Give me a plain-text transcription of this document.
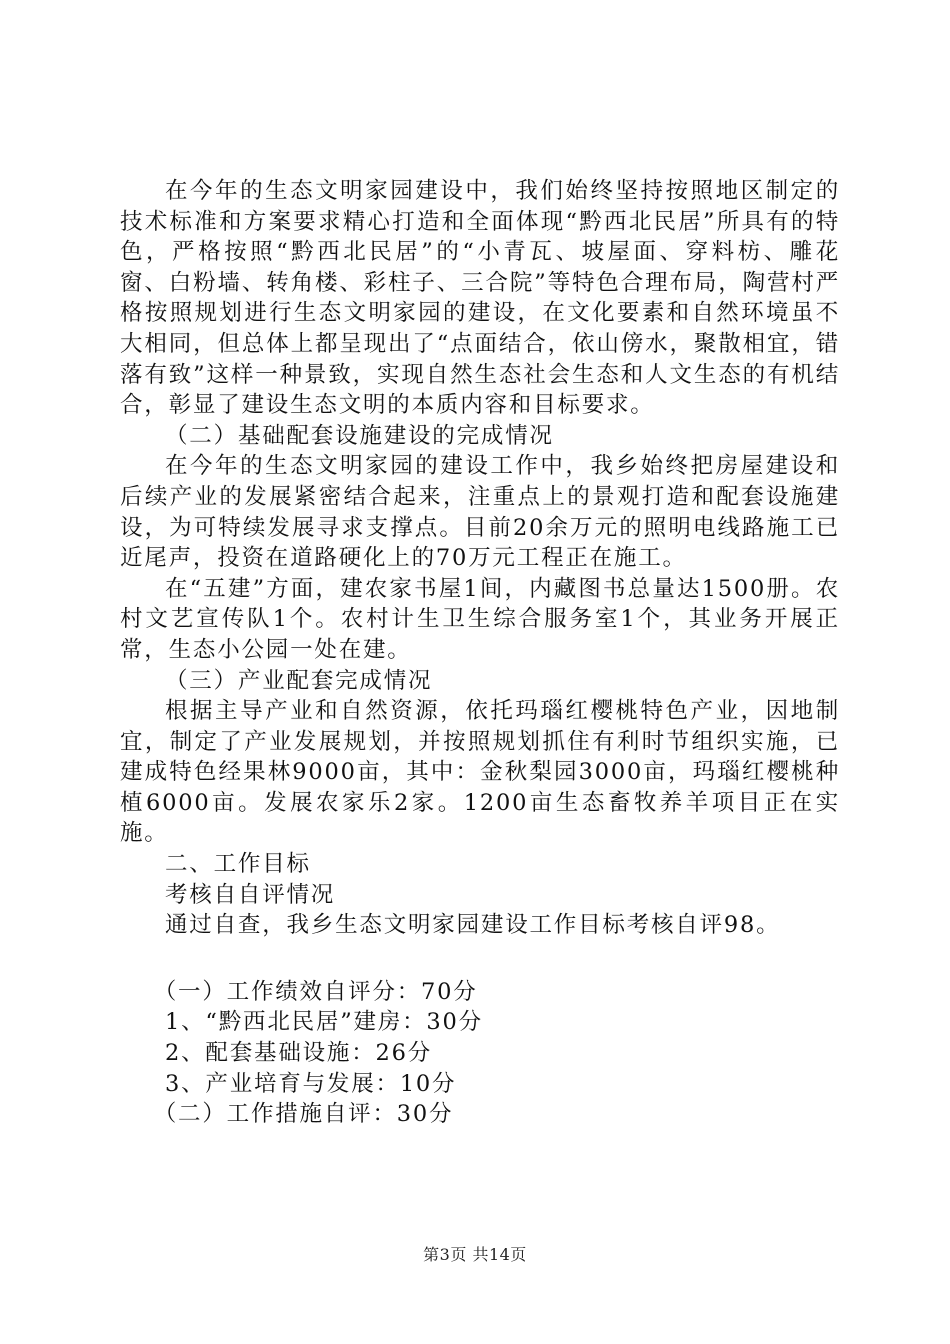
在今年的生态文明家园建设中，我们始终坚持按照地区制定的技术标准和方案要求精心打造和全面体现“黔西北民居”所具有的特色，严格按照“黔西北民居”的“小青瓦、坡屋面、穿料枋、雕花窗、白粉墙、转角楼、彩柱子、三合院”等特色合理布局，陶营村严格按照规划进行生态文明家园的建设，在文化要素和自然环境虽不大相同，但总体上都呈现出了“点面结合，依山傍水，聚散相宜，错落有致”这样一种景致，实现自然生态社会生态和人文生态的有机结合，彰显了建设生态文明的本质内容和目标要求。

（二）基础配套设施建设的完成情况

在今年的生态文明家园的建设工作中，我乡始终把房屋建设和后续产业的发展紧密结合起来，注重点上的景观打造和配套设施建设，为可特续发展寻求支撑点。目前20余万元的照明电线路施工已近尾声，投资在道路硬化上的70万元工程正在施工。

在“五建”方面，建农家书屋1间，内藏图书总量达1500册。农村文艺宣传队1个。农村计生卫生综合服务室1个，其业务开展正常，生态小公园一处在建。

（三）产业配套完成情况

根据主导产业和自然资源，依托玛瑙红樱桃特色产业，因地制宜，制定了产业发展规划，并按照规划抓住有利时节组织实施，已建成特色经果林9000亩，其中：金秋梨园3000亩，玛瑙红樱桃种植6000亩。发展农家乐2家。1200亩生态畜牧养羊项目正在实施。

二、工作目标

考核自自评情况

通过自查，我乡生态文明家园建设工作目标考核自评98。

（一）工作绩效自评分：70分

1、“黔西北民居”建房：30分

2、配套基础设施：26分

3、产业培育与发展：10分

（二）工作措施自评：30分

第3页 共14页
